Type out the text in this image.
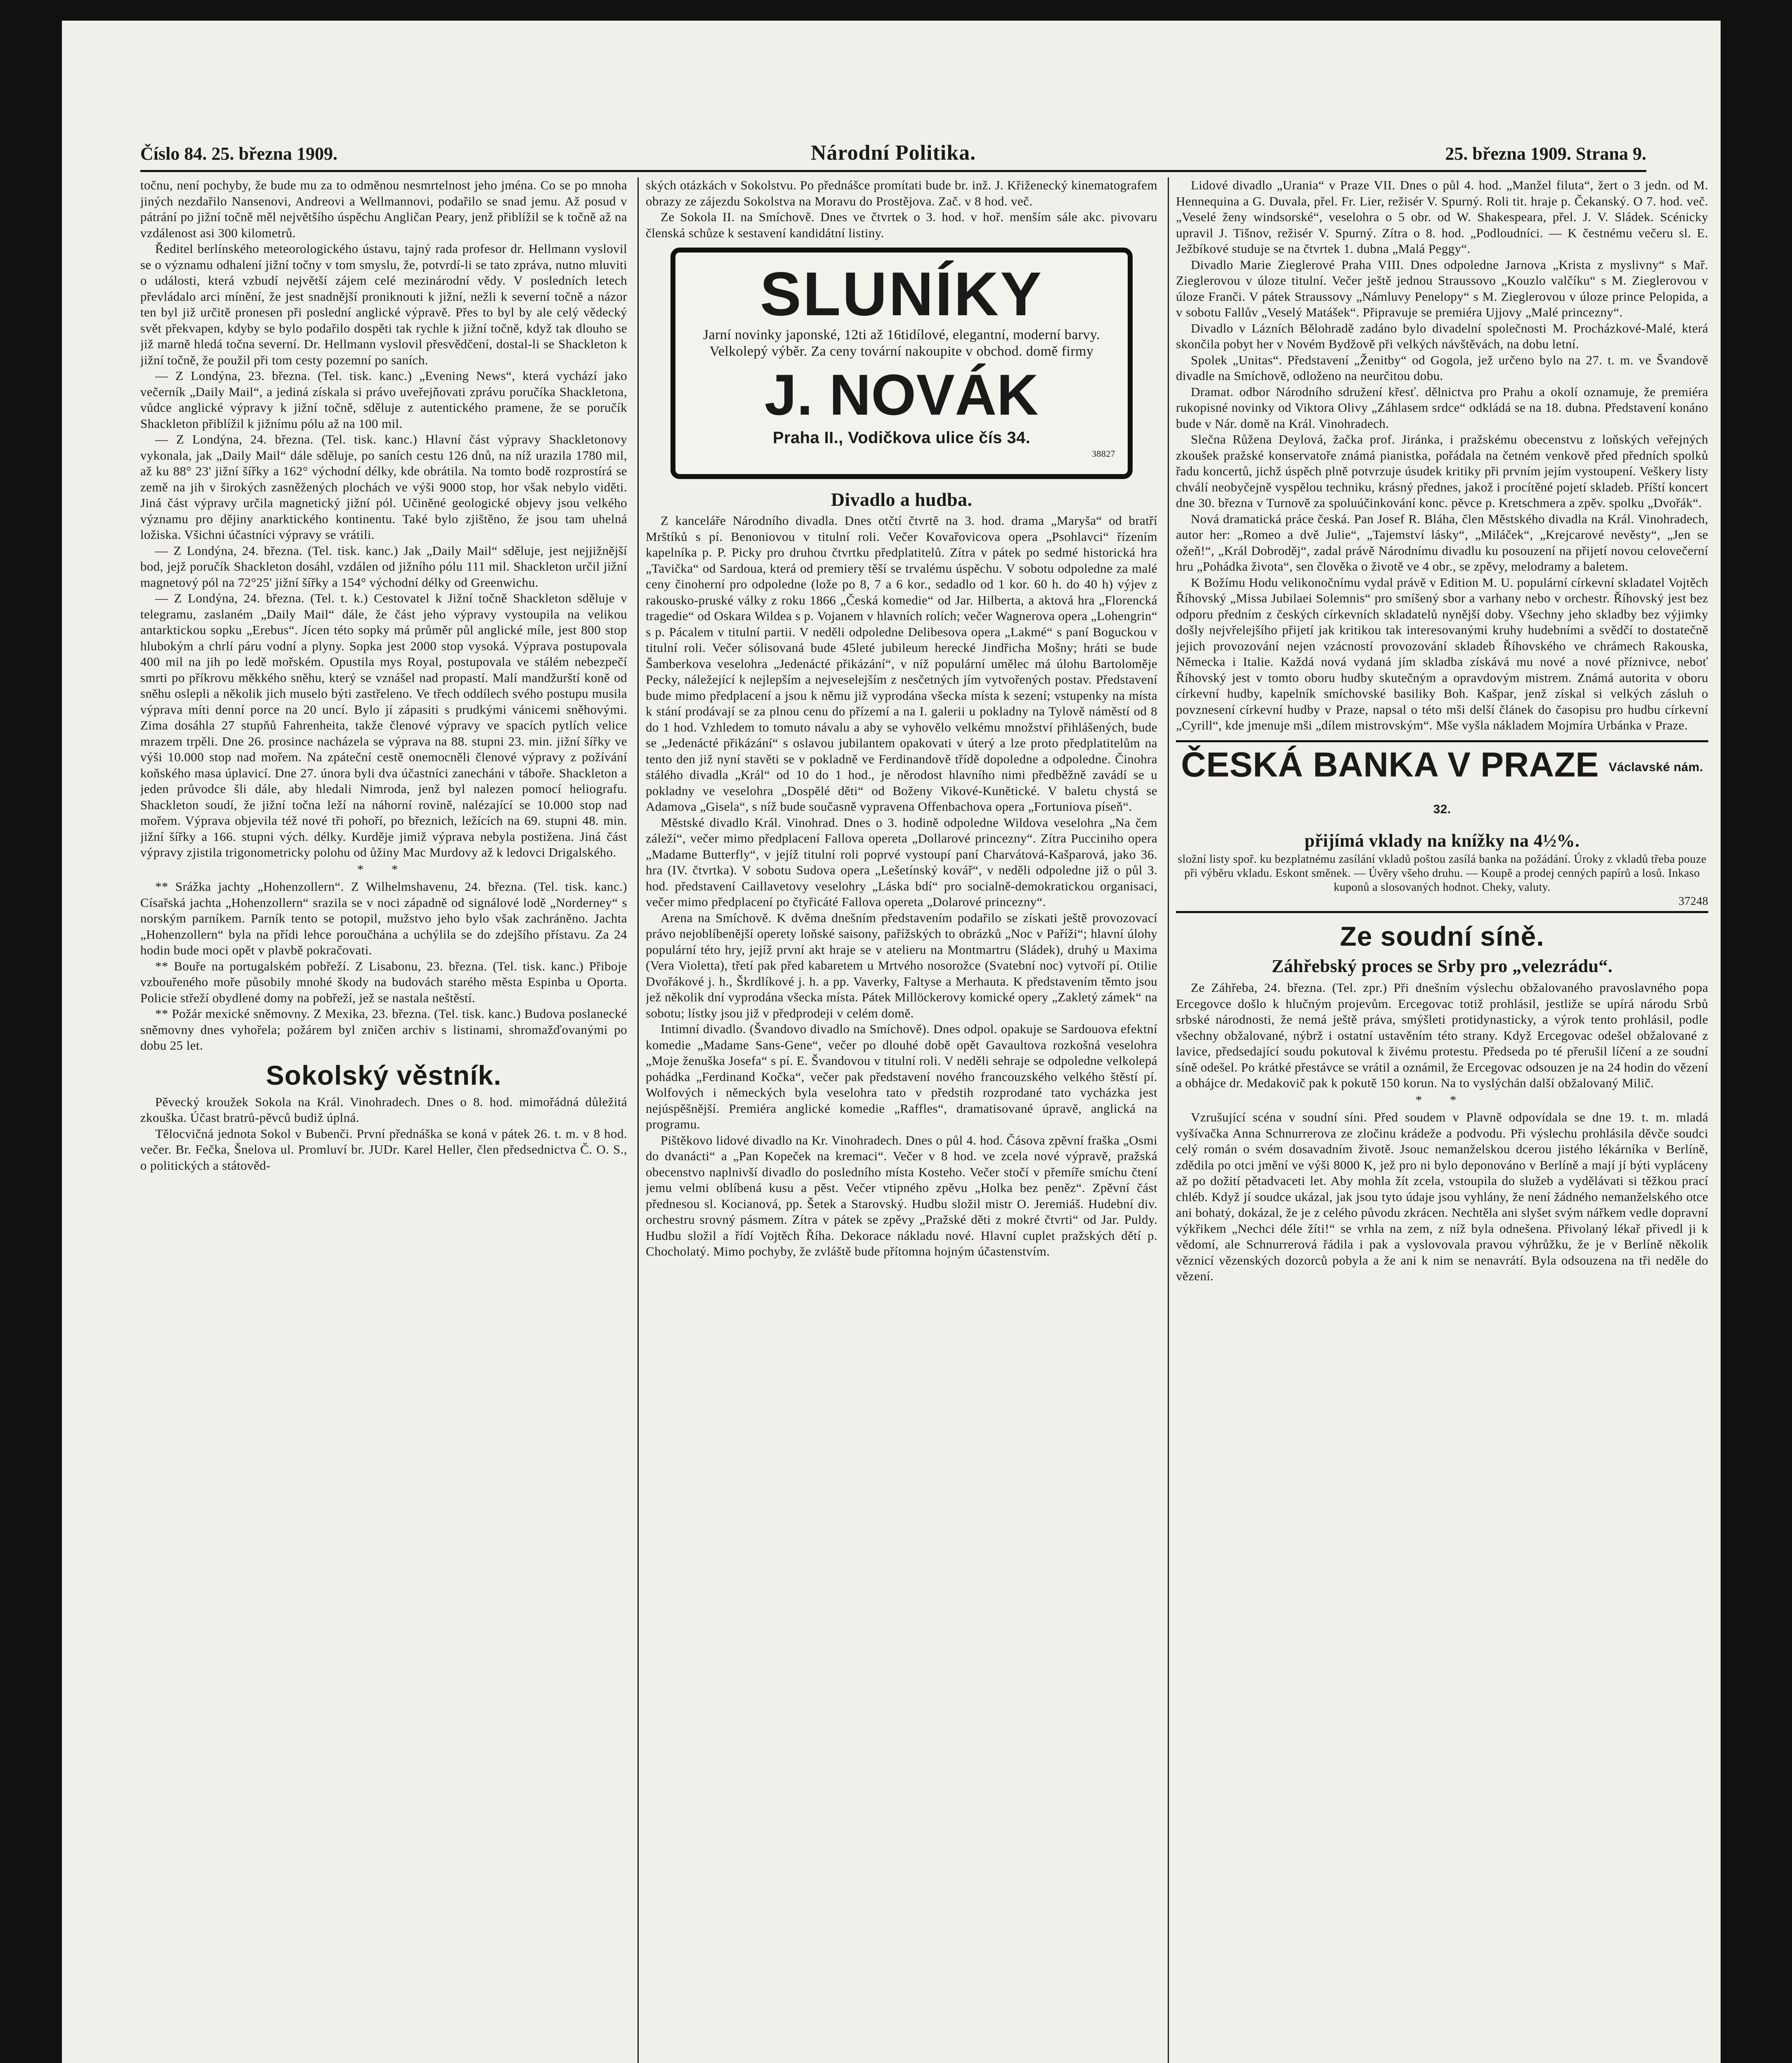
Číslo 84. 25. března 1909.	Národní Politika.	25. března 1909. Strana 9.

točnu, není pochyby, že bude mu za to odměnou nesmrtelnost jeho jména. Co se po mnoha jiných nezdařilo Nansenovi, Andreovi a Wellmannovi, podařilo se snad jemu. Až posud v pátrání po jižní točně měl největšího úspěchu Angličan Peary, jenž přiblížil se k točně až na vzdálenost asi 300 kilometrů.

Ředitel berlínského meteorologického ústavu, tajný rada profesor dr. Hellmann vyslovil se o významu odhalení jižní točny v tom smyslu, že, potvrdí-li se tato zpráva, nutno mluviti o události, která vzbudí největší zájem celé mezinárodní vědy. V posledních letech převládalo arci mínění, že jest snadnější proniknouti k jižní, nežli k severní točně a názor ten byl již určitě pronesen při poslední anglické výpravě. Přes to byl by ale celý vědecký svět překvapen, kdyby se bylo podařilo dospěti tak rychle k jižní točně, když tak dlouho se již marně hledá točna severní. Dr. Hellmann vyslovil přesvědčení, dostal-li se Shackleton k jižní točně, že použil při tom cesty pozemní po saních.

— Z Londýna, 23. března. (Tel. tisk. kanc.) „Evening News“, která vychází jako večerník „Daily Mail“, a jediná získala si právo uveřejňovati zprávu poručíka Shackletona, vůdce anglické výpravy k jižní točně, sděluje z autentického pramene, že se poručík Shackleton přiblížil k jižnímu pólu až na 100 mil.

— Z Londýna, 24. března. (Tel. tisk. kanc.) Hlavní část výpravy Shackletonovy vykonala, jak „Daily Mail“ dále sděluje, po saních cestu 126 dnů, na níž urazila 1780 mil, až ku 88° 23' jižní šířky a 162° východní délky, kde obrátila. Na tomto bodě rozprostírá se země na jih v širokých zasněžených plochách ve výši 9000 stop, hor však nebylo viděti. Jiná část výpravy určila magnetický jižní pól. Učiněné geologické objevy jsou velkého významu pro dějiny anarktického kontinentu. Také bylo zjištěno, že jsou tam uhelná ložiska. Všichni účastníci výpravy se vrátili.

— Z Londýna, 24. března. (Tel. tisk. kanc.) Jak „Daily Mail“ sděluje, jest nejjižnější bod, jejž poručík Shackleton dosáhl, vzdálen od jižního pólu 111 mil. Shackleton určil jižní magnetový pól na 72°25' jižní šířky a 154° východní délky od Greenwichu.

— Z Londýna, 24. března. (Tel. t. k.) Cestovatel k Jižní točně Shackleton sděluje v telegramu, zaslaném „Daily Mail“ dále, že část jeho výpravy vystoupila na velikou antarktickou sopku „Erebus“. Jícen této sopky má průměr půl anglické míle, jest 800 stop hlubokým a chrlí páru vodní a plyny. Sopka jest 2000 stop vysoká. Výprava postupovala 400 mil na jih po ledě mořském. Opustila mys Royal, postupovala ve stálém nebezpečí smrti po příkrovu měkkého sněhu, který se vznášel nad propastí. Malí mandžurští koně od sněhu oslepli a několik jich muselo býti zastřeleno. Ve třech oddílech svého postupu musila výprava míti denní porce na 20 uncí. Bylo jí zápasiti s prudkými vánicemi sněhovými. Zima dosáhla 27 stupňů Fahrenheita, takže členové výpravy ve spacích pytlích velice mrazem trpěli. Dne 26. prosince nacházela se výprava na 88. stupni 23. min. jižní šířky ve výši 10.000 stop nad mořem. Na zpáteční cestě onemocněli členové výpravy z požívání koňského masa úplavicí. Dne 27. února byli dva účastníci zanecháni v táboře. Shackleton a jeden průvodce šli dále, aby hledali Nimroda, jenž byl nalezen pomocí heliografu. Shackleton soudí, že jižní točna leží na náhorní rovině, nalézající se 10.000 stop nad mořem. Výprava objevila též nové tři pohoří, po březnich, ležících na 69. stupni 48. min. jižní šířky a 166. stupni vých. délky. Kurděje jimiž výprava nebyla postižena. Jiná část výpravy zjistila trigonometricky polohu od ůžiny Mac Murdovy až k ledovci Drigalského.

* *

** Srážka jachty „Hohenzollern“. Z Wilhelmshavenu, 24. března. (Tel. tisk. kanc.) Císařská jachta „Hohenzollern“ srazila se v noci západně od signálové lodě „Norderney“ s norským parníkem. Parník tento se potopil, mužstvo jeho bylo však zachráněno. Jachta „Hohenzollern“ byla na přídi lehce poroučhána a uchýlila se do zdejšího přístavu. Za 24 hodin bude moci opět v plavbě pokračovati.

** Bouře na portugalském pobřeží. Z Lisabonu, 23. března. (Tel. tisk. kanc.) Přiboje vzbouřeného moře působily mnohé škody na budovách starého města Espinba u Oporta. Policie střeží obydlené domy na pobřeží, jež se nastala neštěstí.

** Požár mexické sněmovny. Z Mexika, 23. března. (Tel. tisk. kanc.) Budova poslanecké sněmovny dnes vyhořela; požárem byl zničen archiv s listinami, shromažďovanými po dobu 25 let.

Sokolský věstník.

Pěvecký kroužek Sokola na Král. Vinohradech. Dnes o 8. hod. mimořádná důležitá zkouška. Účast bratrů-pěvců budiž úplná.

Tělocvičná jednota Sokol v Bubenči. První přednáška se koná v pátek 26. t. m. v 8 hod. večer. Br. Fečka, Šnelova ul. Promluví br. JUDr. Karel Heller, člen předsednictva Č. O. S., o politických a státověd-

ských otázkách v Sokolstvu. Po přednášce promítati bude br. inž. J. Křiženecký kinematografem obrazy ze zájezdu Sokolstva na Moravu do Prostějova. Zač. v 8 hod. več.

Ze Sokola II. na Smíchově. Dnes ve čtvrtek o 3. hod. v hoř. menším sále akc. pivovaru členská schůze k sestavení kandidátní listiny.

SLUNÍKY
Jarní novinky japonské, 12ti až 16tidílové, elegantní, moderní barvy. Velkolepý výběr. Za ceny tovární nakoupite v obchod. domě firmy
J. NOVÁK
Praha II., Vodičkova ulice čís 34.
38827
Divadlo a hudba.

Z kanceláře Národního divadla. Dnes otčtí čtvrtě na 3. hod. drama „Maryša“ od bratří Mrštíků s pí. Benoniovou v titulní roli. Večer Kovařovicova opera „Psohlavci“ řízením kapelníka p. P. Picky pro druhou čtvrtku předplatitelů. Zítra v pátek po sedmé historická hra „Tavička“ od Sardoua, která od premiery těší se trvalému úspěchu. V sobotu odpoledne za malé ceny činoherní pro odpoledne (lože po 8, 7 a 6 kor., sedadlo od 1 kor. 60 h. do 40 h) výjev z rakousko-pruské války z roku 1866 „Česká komedie“ od Jar. Hilberta, a aktová hra „Florencká tragedie“ od Oskara Wildea s p. Vojanem v hlavních rolích; večer Wagnerova opera „Lohengrin“ s p. Pácalem v titulní partii. V neděli odpoledne Delibesova opera „Lakmé“ s paní Boguckou v titulní roli. Večer sólisovaná bude 45leté jubileum herecké Jindřicha Mošny; hráti se bude Šamberkova veselohra „Jedenácté přikázání“, v níž populární umělec má úlohu Bartoloměje Pecky, náležející k nejlepším a nejveselejším z nesčetných jím vytvořených postav. Představení bude mimo předplacení a jsou k němu již vyprodána všecka místa k sezení; vstupenky na místa k stání prodávají se za plnou cenu do přízemí a na I. galerii u pokladny na Tylově náměstí od 8 do 1 hod. Vzhledem to tomuto návalu a aby se vyhovělo velkému množství přihlášených, bude se „Jedenácté přikázání“ s oslavou jubilantem opakovati v úterý a lze proto předplatitelům na tento den již nyní stavěti se v pokladně ve Ferdinandově třídě dopoledne a odpoledne. Činohra stálého divadla „Král“ od 10 do 1 hod., je něrodost hlavního nimi předběžně zavádí se u pokladny ve veselohra „Dospělé děti“ od Boženy Vikové-Kunětické. V baletu chystá se Adamova „Gisela“, s níž bude současně vypravena Offenbachova opera „Fortuniova píseň“.

Městské divadlo Král. Vinohrad. Dnes o 3. hodině odpoledne Wildova veselohra „Na čem záleží“, večer mimo předplacení Fallova opereta „Dollarové princezny“. Zítra Pucciniho opera „Madame Butterfly“, v jejíž titulní roli poprvé vystoupí paní Charvátová-Kašparová, jako 36. hra (IV. čtvrtka). V sobotu Sudova opera „Lešetínský kovář“, v neděli odpoledne již o půl 3. hod. představení Caillavetovy veselohry „Láska bdí“ pro socialně-demokratickou organisaci, večer mimo předplacení po čtyřicáté Fallova opereta „Dolarové princezny“.

Arena na Smíchově. K dvěma dnešním představením podařilo se získati ještě provozovací právo nejoblíbenější operety loňské saisony, pařížských to obrázků „Noc v Paříži“; hlavní úlohy populární této hry, jejíž první akt hraje se v atelieru na Montmartru (Sládek), druhý u Maxima (Vera Violetta), třetí pak před kabaretem u Mrtvého nosorožce (Svatební noc) vytvoří pí. Otilie Dvořákové j. h., Škrdlíkové j. h. a pp. Vaverky, Faltyse a Merhauta. K představením těmto jsou jež několik dní vyprodána všecka místa. Pátek Millöckerovy komické opery „Zakletý zámek“ na sobotu; lístky jsou již v předprodeji v celém domě.

Intimní divadlo. (Švandovo divadlo na Smíchově). Dnes odpol. opakuje se Sardouova efektní komedie „Madame Sans-Gene“, večer po dlouhé době opět Gavaultova rozkošná veselohra „Moje ženuška Josefa“ s pí. E. Švandovou v titulní roli. V neděli sehraje se odpoledne velkolepá pohádka „Ferdinand Kočka“, večer pak představení nového francouzského velkého štěstí pí. Wolfových i německých byla veselohra tato v předstih rozprodané tato vycházka jest nejúspěšnější. Premiéra anglické komedie „Raffles“, dramatisované úpravě, anglická na programu.

Pištěkovo lidové divadlo na Kr. Vinohradech. Dnes o půl 4. hod. Čásova zpěvní fraška „Osmi do dvanácti“ a „Pan Kopeček na kremaci“. Večer v 8 hod. ve zcela nové výpravě, pražská obecenstvo naplnivší divadlo do posledního místa Kosteho. Večer stočí v přemíře smíchu čtení jemu velmi oblíbená kusu a pěst. Večer vtipného zpěvu „Holka bez peněz“. Zpěvní část přednesou sl. Kocianová, pp. Šetek a Starovský. Hudbu složil mistr O. Jeremiáš. Hudební div. orchestru srovný pásmem. Zítra v pátek se zpěvy „Pražské děti z mokré čtvrti“ od Jar. Puldy. Hudbu složil a řídí Vojtěch Říha. Dekorace nákladu nové. Hlavní cuplet pražských dětí p. Chocholatý. Mimo pochyby, že zvláště bude přítomna hojným účastenstvím.

Lidové divadlo „Urania“ v Praze VII. Dnes o půl 4. hod. „Manžel filuta“, žert o 3 jedn. od M. Hennequina a G. Duvala, přel. Fr. Lier, režisér V. Spurný. Roli tit. hraje p. Čekanský. O 7. hod. več. „Veselé ženy windsorské“, veselohra o 5 obr. od W. Shakespeara, přel. J. V. Sládek. Scénicky upravil J. Tišnov, režisér V. Spurný. Zítra o 8. hod. „Podloudníci. — K čestnému večeru sl. E. Ježbíkové studuje se na čtvrtek 1. dubna „Malá Peggy“.

Divadlo Marie Zieglerové Praha VIII. Dnes odpoledne Jarnova „Krista z myslivny“ s Mař. Zieglerovou v úloze titulní. Večer ještě jednou Straussovo „Kouzlo valčíku“ s M. Zieglerovou v úloze Franči. V pátek Straussovy „Námluvy Penelopy“ s M. Zieglerovou v úloze prince Pelopida, a v sobotu Fallův „Veselý Matášek“. Připravuje se premiéra Ujjovy „Malé princezny“.

Divadlo v Lázních Bělohradě zadáno bylo divadelní společnosti M. Procházkové-Malé, která skončila pobyt her v Novém Bydžově při velkých návštěvách, na dobu letní.

Spolek „Unitas“. Představení „Ženitby“ od Gogola, jež určeno bylo na 27. t. m. ve Švandově divadle na Smíchově, odloženo na neurčitou dobu.

Dramat. odbor Národního sdružení křesť. dělnictva pro Prahu a okolí oznamuje, že premiéra rukopisné novinky od Viktora Olivy „Záhlasem srdce“ odkládá se na 18. dubna. Představení konáno bude v Nár. domě na Král. Vinohradech.

Slečna Růžena Deylová, žačka prof. Jiránka, i pražskému obecenstvu z loňských veřejných zkoušek pražské konservatoře známá pianistka, pořádala na četném venkově před předních spolků řadu koncertů, jichž úspěch plně potvrzuje úsudek kritiky při prvním jejím vystoupení. Veškery listy chválí neobyčejně vyspělou techniku, krásný přednes, jakož i procítěné pojetí skladeb. Příští koncert dne 30. března v Turnově za spoluúčinkování konc. pěvce p. Kretschmera a zpěv. spolku „Dvořák“.

Nová dramatická práce česká. Pan Josef R. Bláha, člen Městského divadla na Král. Vinohradech, autor her: „Romeo a dvě Julie“, „Tajemství lásky“, „Miláček“, „Krejcarové nevěsty“, „Jen se ožeň!“, „Král Dobroděj“, zadal právě Národnímu divadlu ku posouzení na přijetí novou celovečerní hru „Pohádka života“, sen člověka o životě ve 4 obr., se zpěvy, melodramy a baletem.

K Božímu Hodu velikonočnímu vydal právě v Edition M. U. populární církevní skladatel Vojtěch Říhovský „Missa Jubilaei Solemnis“ pro smíšený sbor a varhany nebo v orchestr. Říhovský jest bez odporu předním z českých církevních skladatelů nynější doby. Všechny jeho skladby bez výjimky došly nejvřelejšího přijetí jak kritikou tak interesovanými kruhy hudebními a svědčí to dostatečně jejich provozování nejen vzácností provozování skladeb Říhovského ve chrámech Rakouska, Německa i Italie. Každá nová vydaná jím skladba získává mu nové a nové příznivce, neboť Říhovský jest v tomto oboru hudby skutečným a opravdovým mistrem. Známá autorita v oboru církevní hudby, kapelník smíchovské basiliky Boh. Kašpar, jenž získal si velkých zásluh o povznesení církevní hudby v Praze, napsal o této mši delší článek do časopisu pro hudbu církevní „Cyrill“, kde jmenuje mši „dílem mistrovským“. Mše vyšla nákladem Mojmíra Urbánka v Praze.

ČESKÁ BANKA V PRAZE Václavské nám. 32.
přijímá vklady na knížky na 4½%.
složní listy spoř. ku bezplatnému zasílání vkladů poštou zasílá banka na požádání. Úroky z vkladů třeba pouze při výběru vkladu. Eskont směnek. — Úvěry všeho druhu. — Koupě a prodej cenných papírů a losů. Inkaso kuponů a slosovaných hodnot. Cheky, valuty.
37248
Ze soudní síně.
Záhřebský proces se Srby pro „velezrádu“.

Ze Záhřeba, 24. března. (Tel. zpr.) Při dnešním výslechu obžalovaného pravoslavného popa Ercegovce došlo k hlučným projevům. Ercegovac totiž prohlásil, jestliže se upírá národu Srbů srbské národnosti, že nemá ještě práva, smýšleti protidynasticky, a výrok tento prohlásil, podle všechny obžalované, nýbrž i ostatní ustavěním této strany. Když Ercegovac odešel obžalované z lavice, předsedající soudu pokutoval k živému protestu. Předseda po té přerušil líčení a ze soudní síně odešel. Po krátké přestávce se vrátil a oznámil, že Ercegovac odsouzen je na 24 hodin do vězení a obhájce dr. Medakovič pak k pokutě 150 korun. Na to vyslýchán další obžalovaný Milič.

* *

Vzrušující scéna v soudní síni. Před soudem v Plavně odpovídala se dne 19. t. m. mladá vyšívačka Anna Schnurrerova ze zločinu krádeže a podvodu. Při výslechu prohlásila děvče soudci celý román o svém dosavadním životě. Jsouc nemanželskou dcerou jistého lékárníka v Berlíně, zdědila po otci jmění ve výši 8000 K, jež pro ni bylo deponováno v Berlíně a mají jí býti vypláceny až po dožití pětadvaceti let. Aby mohla žít zcela, vstoupila do služeb a vydělávati si těžkou prací chléb. Když jí soudce ukázal, jak jsou tyto údaje jsou vyhlány, že není žádného nemanželského otce ani bohatý, dokázal, že je z celého původu zkrácen. Nechtěla ani slyšet svým nářkem vedle dopravní výkřikem „Nechci déle žíti!“ se vrhla na zem, z níž byla odnešena. Přivolaný lékař přivedl ji k vědomí, ale Schnurrerová řádila i pak a vyslovovala pravou výhrůžku, že je v Berlíně několik věznicí vězenských dozorců pobyla a že ani k nim se nenavrátí. Byla odsouzena na tři neděle do vězení.
